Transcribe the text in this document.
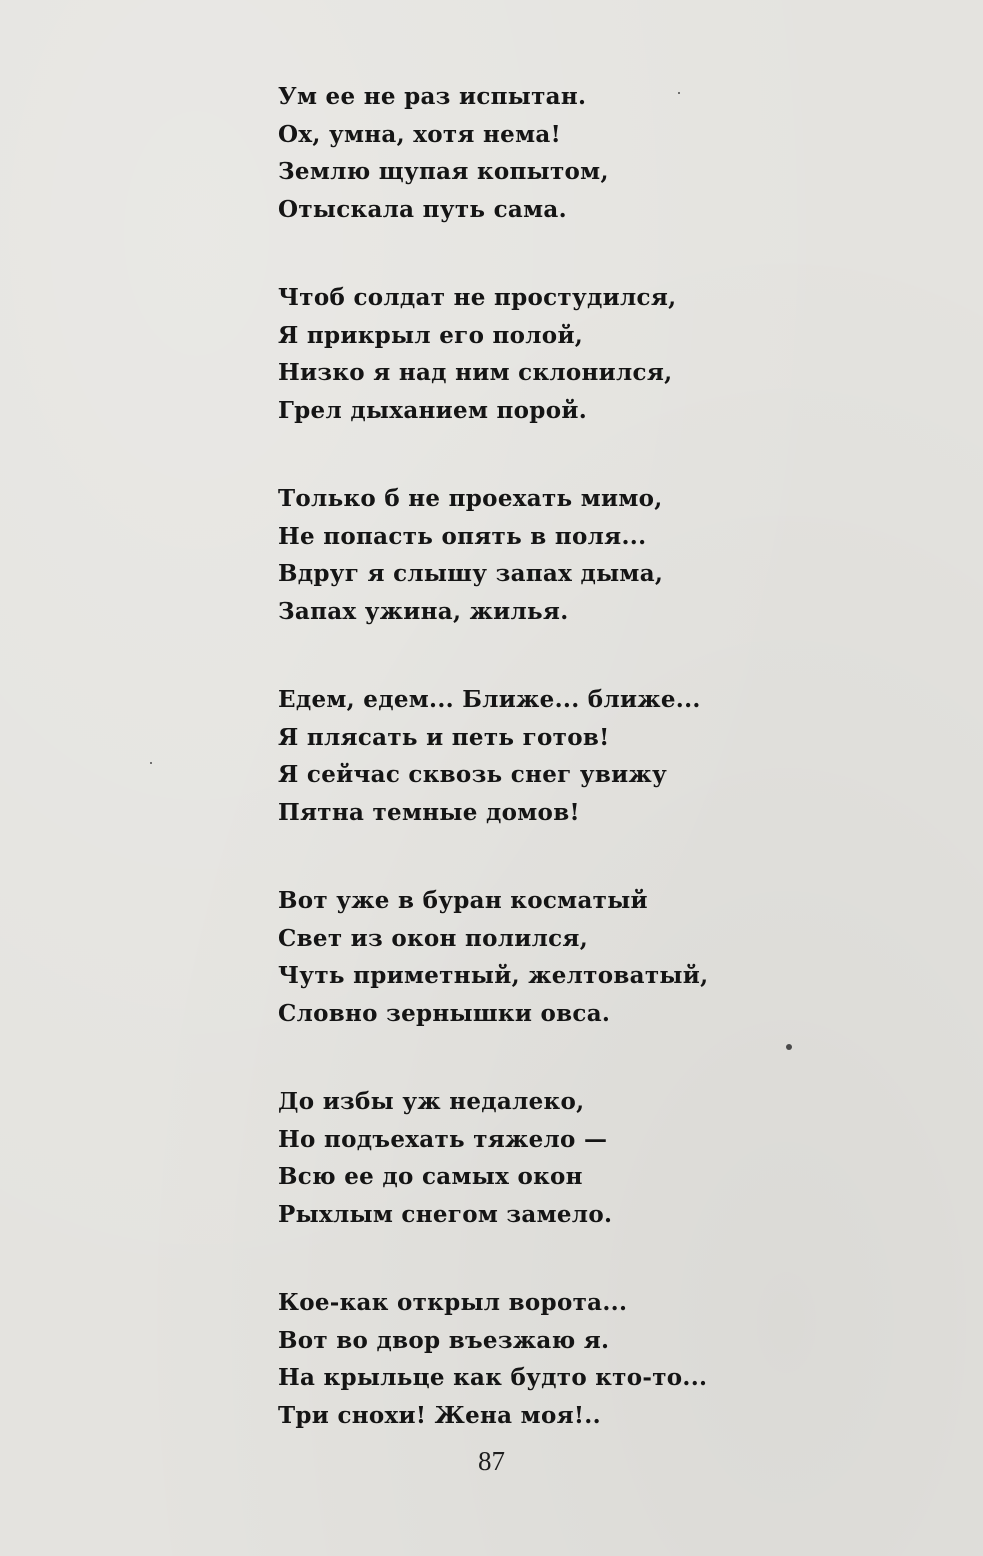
Ум ее не раз испытан.
Ох, умна, хотя нема!
Землю щупая копытом,
Отыскала путь сама.
Чтоб солдат не простудился,
Я прикрыл его полой,
Низко я над ним склонился,
Грел дыханием порой.
Только б не проехать мимо,
Не попасть опять в поля...
Вдруг я слышу запах дыма,
Запах ужина, жилья.
Едем, едем... Ближе... ближе...
Я плясать и петь готов!
Я сейчас сквозь снег увижу
Пятна темные домов!
Вот уже в буран косматый
Свет из окон полился,
Чуть приметный, желтоватый,
Словно зернышки овса.
До избы уж недалеко,
Но подъехать тяжело —
Всю ее до самых окон
Рыхлым снегом замело.
Кое-как открыл ворота...
Вот во двор въезжаю я.
На крыльце как будто кто-то...
Три снохи! Жена моя!..
87
